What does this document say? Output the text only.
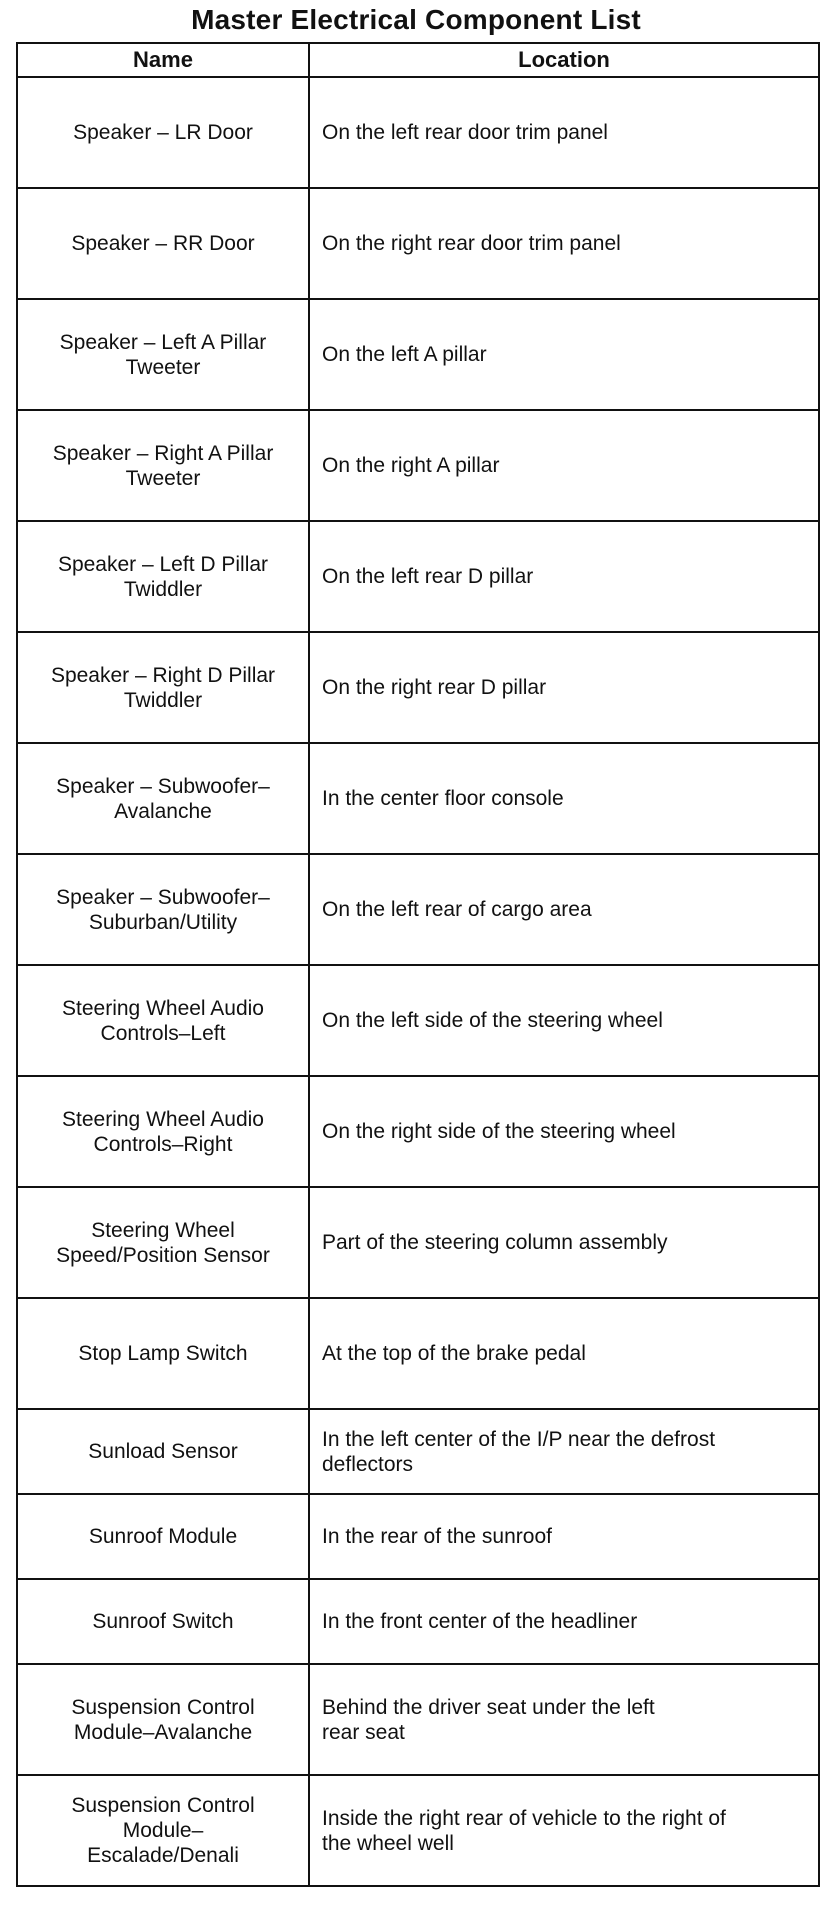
Master Electrical Component List
Name	Location
Speaker – LR Door	On the left rear door trim panel
Speaker – RR Door	On the right rear door trim panel
Speaker – Left A Pillar
Tweeter	On the left A pillar
Speaker – Right A Pillar
Tweeter	On the right A pillar
Speaker – Left D Pillar
Twiddler	On the left rear D pillar
Speaker – Right D Pillar
Twiddler	On the right rear D pillar
Speaker – Subwoofer–
Avalanche	In the center floor console
Speaker – Subwoofer–
Suburban/Utility	On the left rear of cargo area
Steering Wheel Audio
Controls–Left	On the left side of the steering wheel
Steering Wheel Audio
Controls–Right	On the right side of the steering wheel
Steering Wheel
Speed/Position Sensor	Part of the steering column assembly
Stop Lamp Switch	At the top of the brake pedal
Sunload Sensor	In the left center of the I/P near the defrost
deflectors
Sunroof Module	In the rear of the sunroof
Sunroof Switch	In the front center of the headliner
Suspension Control
Module–Avalanche	Behind the driver seat under the left
rear seat
Suspension Control
Module–
Escalade/Denali	Inside the right rear of vehicle to the right of
the wheel well
